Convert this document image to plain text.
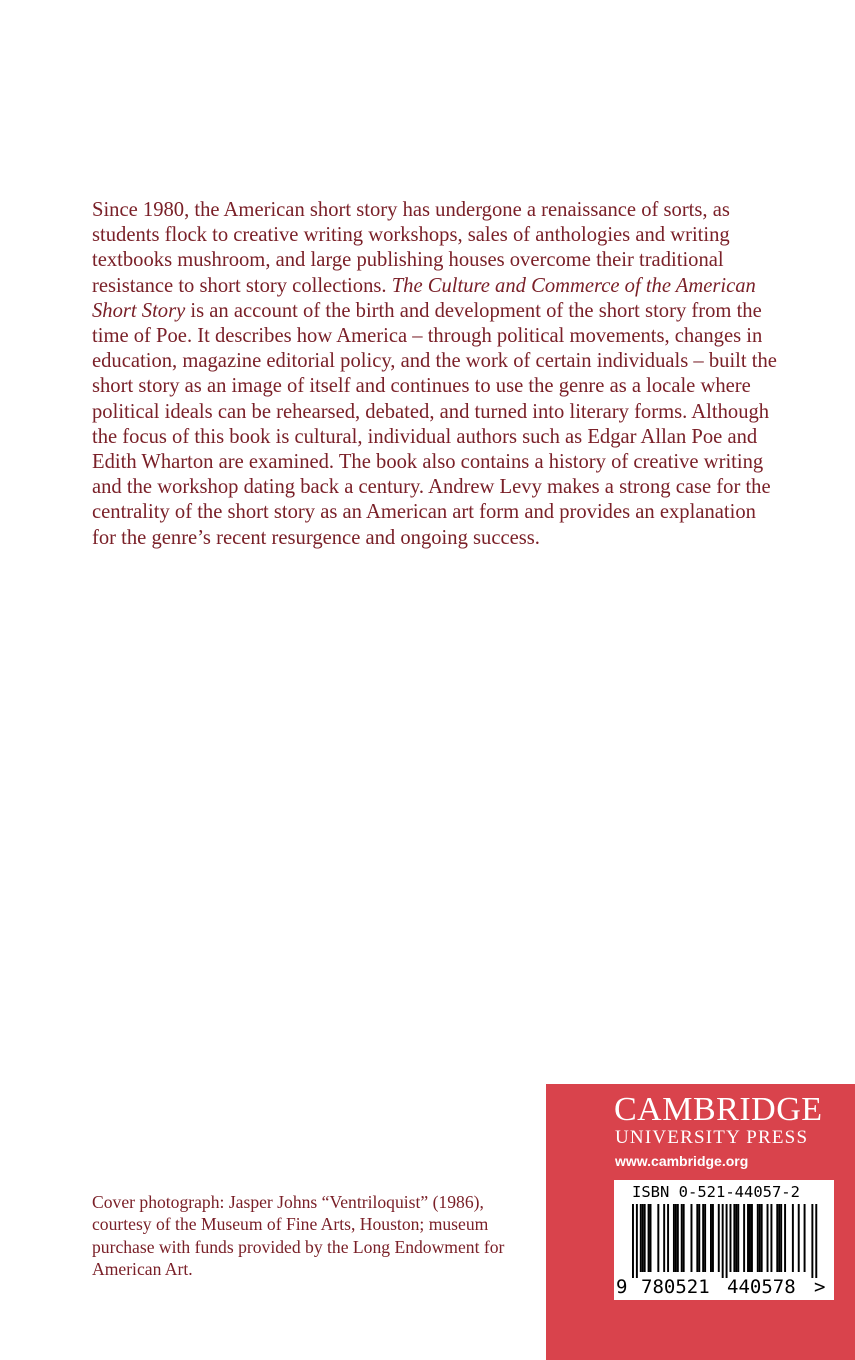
Since 1980, the American short story has undergone a renaissance of sorts, as students flock to creative writing workshops, sales of anthologies and writing textbooks mushroom, and large publishing houses overcome their traditional resistance to short story collections. The Culture and Commerce of the American Short Story is an account of the birth and development of the short story from the time of Poe. It describes how America – through political movements, changes in education, magazine editorial policy, and the work of certain individuals – built the short story as an image of itself and continues to use the genre as a locale where political ideals can be rehearsed, debated, and turned into literary forms. Although the focus of this book is cultural, individual authors such as Edgar Allan Poe and Edith Wharton are examined. The book also contains a history of creative writing and the workshop dating back a century. Andrew Levy makes a strong case for the centrality of the short story as an American art form and provides an explanation for the genre’s recent resurgence and ongoing success.

Cover photograph: Jasper Johns “Ventriloquist” (1986), courtesy of the Museum of Fine Arts, Houston; museum purchase with funds provided by the Long Endowment for American Art.

CAMBRIDGE
UNIVERSITY PRESS
www.cambridge.org
ISBN 0-521-44057-2
9 780521 440578 >
